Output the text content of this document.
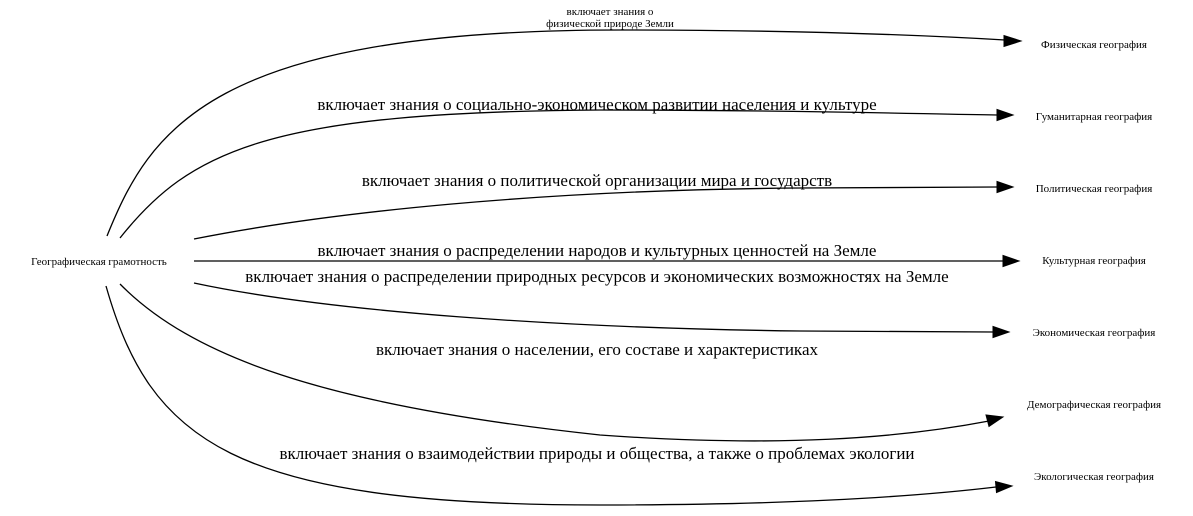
Географическая грамотность
включает знания о
физической природе Земли
включает знания о социально-экономическом развитии населения и культуре
включает знания о политической организации мира и государств
включает знания о распределении народов и культурных ценностей на Земле
включает знания о распределении природных ресурсов и экономических возможностях на Земле
включает знания о населении, его составе и характеристиках
включает знания о взаимодействии природы и общества, а также о проблемах экологии
Физическая география
Гуманитарная география
Политическая география
Культурная география
Экономическая география
Демографическая география
Экологическая география
